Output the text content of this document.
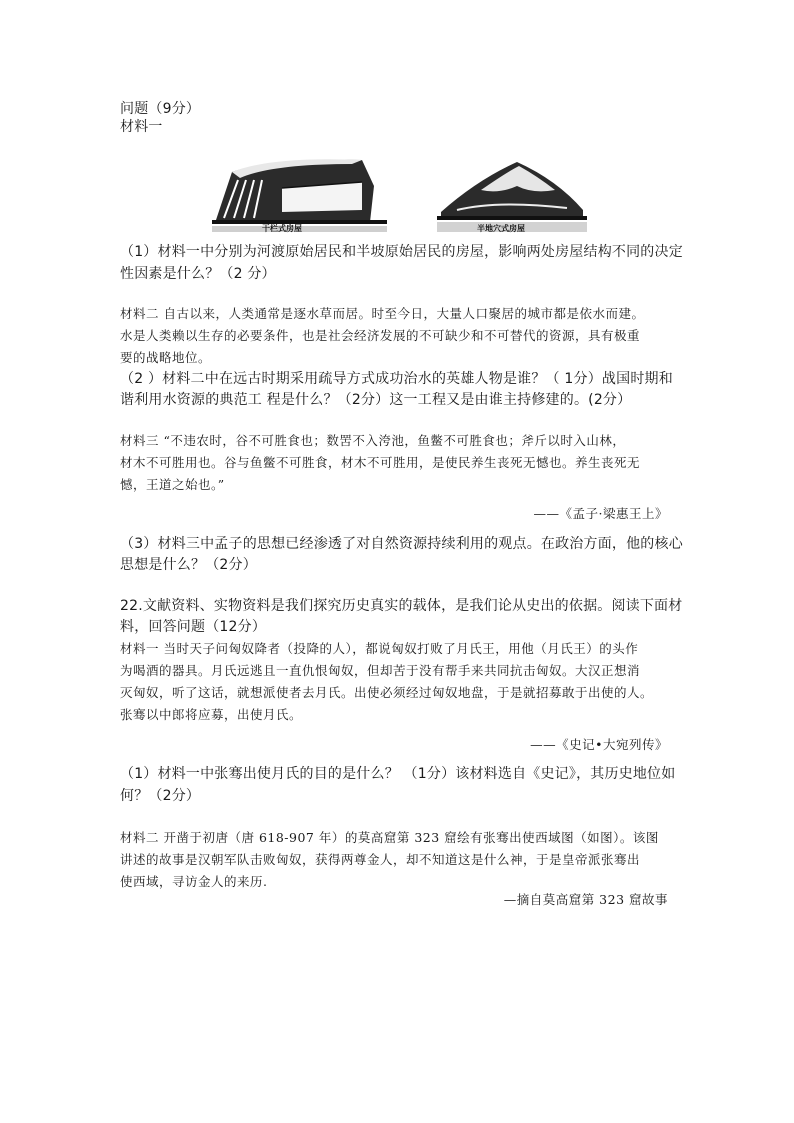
问题（9分）
材料一
干栏式房屋	半地穴式房屋
（1）材料一中分别为河渡原始居民和半坡原始居民的房屋，影响两处房屋结构不同的决定
性因素是什么？（2 分）
材料二 自古以来，人类通常是逐水草而居。时至今日，大量人口聚居的城市都是依水而建。
水是人类赖以生存的必要条件，也是社会经济发展的不可缺少和不可替代的资源，具有极重
要的战略地位。
（2 ）材料二中在远古时期采用疏导方式成功治水的英雄人物是谁？（ 1分）战国时期和
谐利用水资源的典范工 程是什么？（2分）这一工程又是由谁主持修建的。(2分）
材料三 “不违农时，谷不可胜食也；数罟不入洿池，鱼鳖不可胜食也；斧斤以时入山林，
材木不可胜用也。谷与鱼鳖不可胜食，材木不可胜用，是使民养生丧死无憾也。养生丧死无
憾，王道之始也。”
——《孟子·梁惠王上》
（3）材料三中孟子的思想已经渗透了对自然资源持续利用的观点。在政治方面，他的核心
思想是什么？（2分）
22.文献资料、实物资料是我们探究历史真实的载体，是我们论从史出的依据。阅读下面材
料，回答问题（12分）
材料一 当时天子问匈奴降者（投降的人），都说匈奴打败了月氏王，用他（月氏王）的头作
为喝酒的器具。月氏远逃且一直仇恨匈奴，但却苦于没有帮手来共同抗击匈奴。大汉正想消
灭匈奴，听了这话，就想派使者去月氏。出使必须经过匈奴地盘，于是就招募敢于出使的人。
张骞以中郎将应募，出使月氏。
——《史记•大宛列传》
（1）材料一中张骞出使月氏的目的是什么？ （1分）该材料选自《史记》，其历史地位如
何？（2分）
材料二 开凿于初唐（唐 618-907 年）的莫高窟第 323 窟绘有张骞出使西域图（如图）。该图
讲述的故事是汉朝军队击败匈奴，获得两尊金人，却不知道这是什么神，于是皇帝派张骞出
使西域，寻访金人的来历.
—摘自莫高窟第 323 窟故事
